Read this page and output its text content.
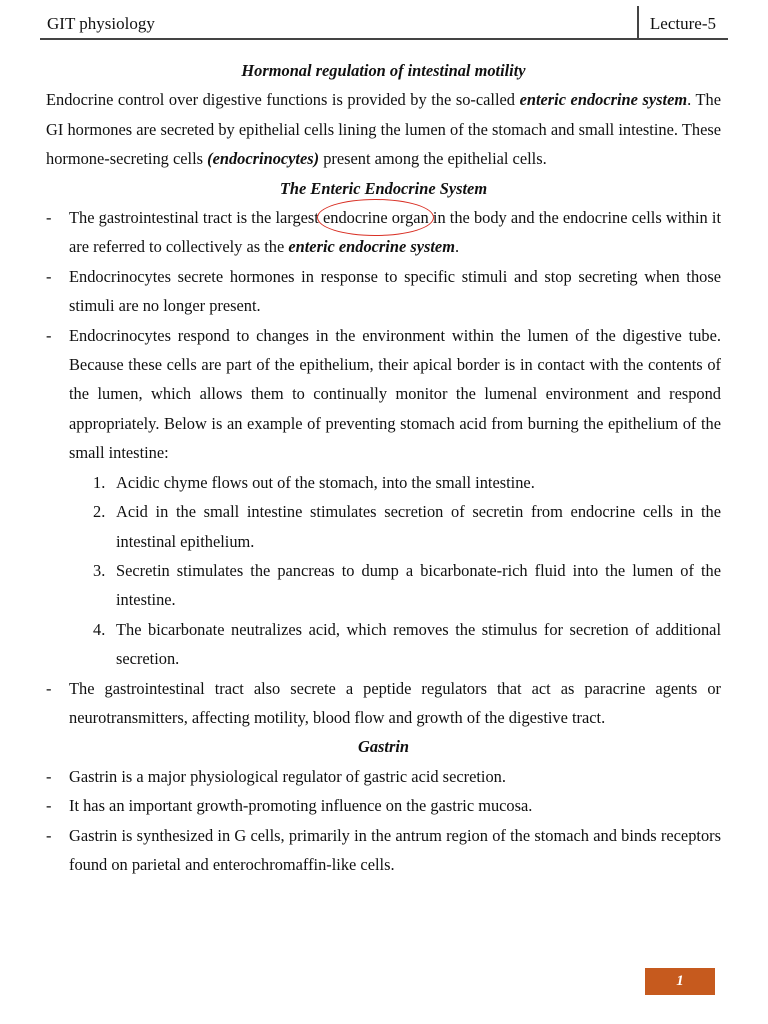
GIT physiology	Lecture-5
Hormonal regulation of intestinal motility
Endocrine control over digestive functions is provided by the so-called enteric endocrine system. The GI hormones are secreted by epithelial cells lining the lumen of the stomach and small intestine. These hormone-secreting cells (endocrinocytes) present among the epithelial cells.
The Enteric Endocrine System
- The gastrointestinal tract is the largest endocrine organ
in the body and the endocrine cells within it are referred to collectively as the enteric endocrine system.
- Endocrinocytes secrete hormones in response to specific stimuli and stop secreting when those stimuli are no longer present.
- Endocrinocytes respond to changes in the environment within the lumen of the digestive tube. Because these cells are part of the epithelium, their apical border is in contact with the contents of the lumen, which allows them to continually monitor the lumenal environment and respond appropriately. Below is an example of preventing stomach acid from burning the epithelium of the small intestine:
1. Acidic chyme flows out of the stomach, into the small intestine.
2. Acid in the small intestine stimulates secretion of secretin from endocrine cells in the intestinal epithelium.
3. Secretin stimulates the pancreas to dump a bicarbonate-rich fluid into the lumen of the intestine.
4. The bicarbonate neutralizes acid, which removes the stimulus for secretion of additional secretion.
- The gastrointestinal tract also secrete a peptide regulators that act as paracrine agents or neurotransmitters, affecting motility, blood flow and growth of the digestive tract.
Gastrin
- Gastrin is a major physiological regulator of gastric acid secretion.
- It has an important growth-promoting influence on the gastric mucosa.
- Gastrin is synthesized in G cells, primarily in the antrum region of the stomach and binds receptors found on parietal and enterochromaffin-like cells.
1
